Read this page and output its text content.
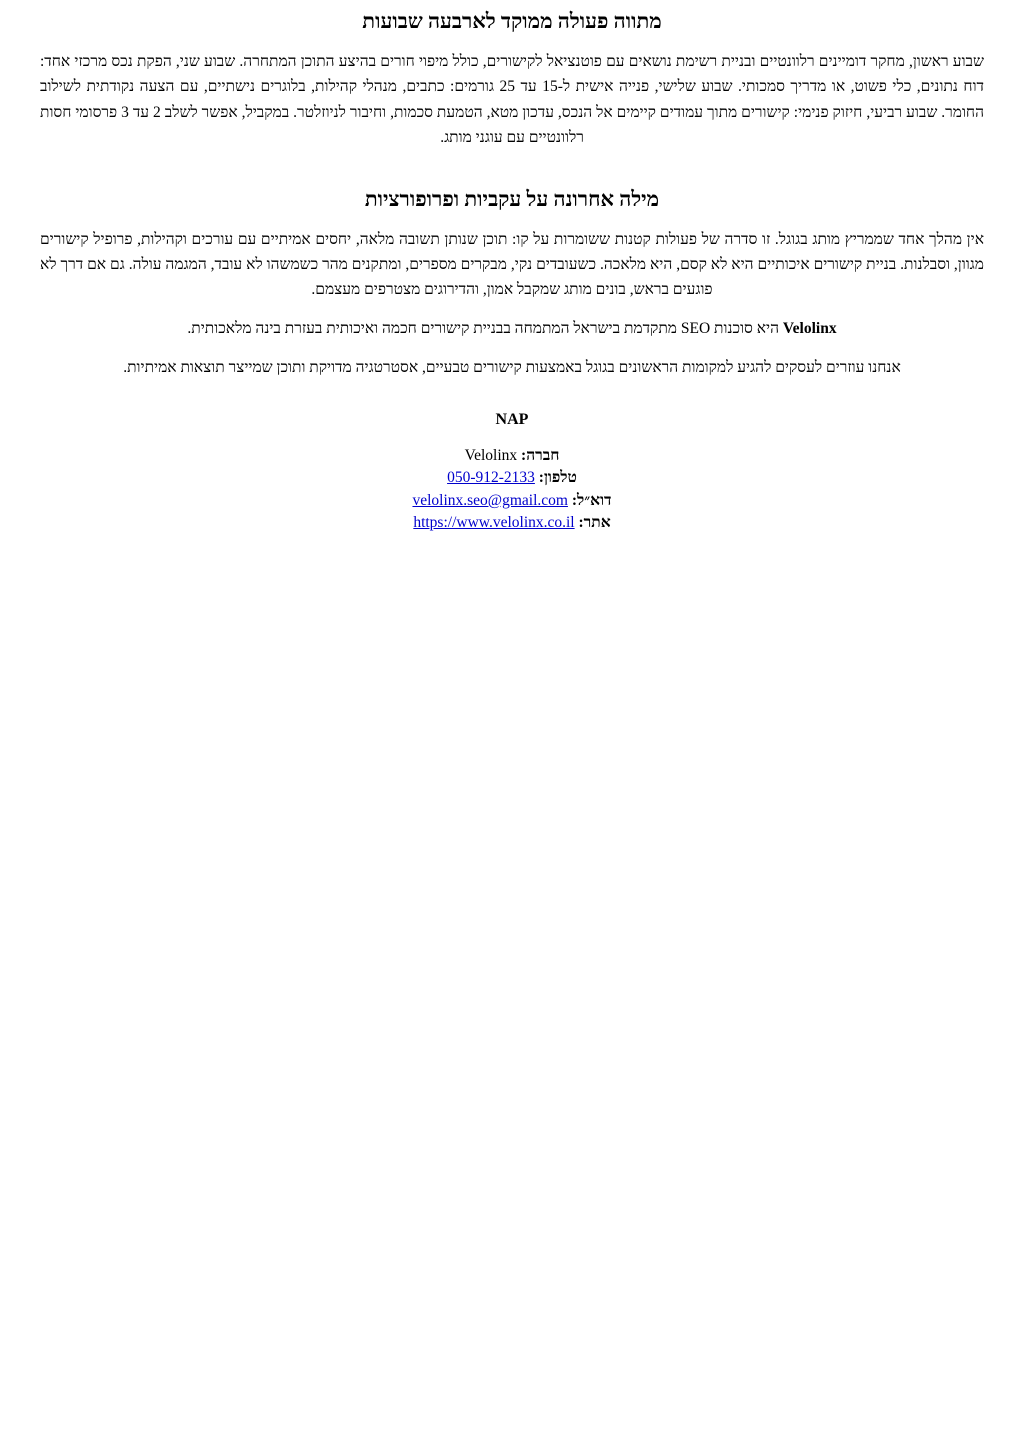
מתווה פעולה ממוקד לארבעה שבועות

שבוע ראשון, מחקר דומיינים רלוונטיים ובניית רשימת נושאים עם פוטנציאל לקישורים, כולל מיפוי חורים בהיצע התוכן המתחרה. שבוע שני, הפקת נכס מרכזי אחד: דוח נתונים, כלי פשוט, או מדריך סמכותי. שבוע שלישי, פנייה אישית ל-15 עד 25 גורמים: כתבים, מנהלי קהילות, בלוגרים נישתיים, עם הצעה נקודתית לשילוב החומר. שבוע רביעי, חיזוק פנימי: קישורים מתוך עמודים קיימים אל הנכס, עדכון מטא, הטמעת סכמות, וחיבור לניוזלטר. במקביל, אפשר לשלב 2 עד 3 פרסומי חסות רלוונטיים עם עוגני מותג.

מילה אחרונה על עקביות ופרופורציות

אין מהלך אחד שממריץ מותג בגוגל. זו סדרה של פעולות קטנות ששומרות על קו: תוכן שנותן תשובה מלאה, יחסים אמיתיים עם עורכים וקהילות, פרופיל קישורים מגוון, וסבלנות. בניית קישורים איכותיים היא לא קסם, היא מלאכה. כשעובדים נקי, מבקרים מספרים, ומתקנים מהר כשמשהו לא עובד, המגמה עולה. גם אם דרך לא פוגעים בראש, בונים מותג שמקבל אמון, והדירוגים מצטרפים מעצמם.

Velolinx היא סוכנות SEO מתקדמת בישראל המתמחה בבניית קישורים חכמה ואיכותית בעזרת בינה מלאכותית.

אנחנו עוזרים לעסקים להגיע למקומות הראשונים בגוגל באמצעות קישורים טבעיים, אסטרטגיה מדויקת ותוכן שמייצר תוצאות אמיתיות.

NAP
חברה: Velolinx
טלפון: 050-912-2133
דוא״ל: velolinx.seo@gmail.com
אתר: https://www.velolinx.co.il
